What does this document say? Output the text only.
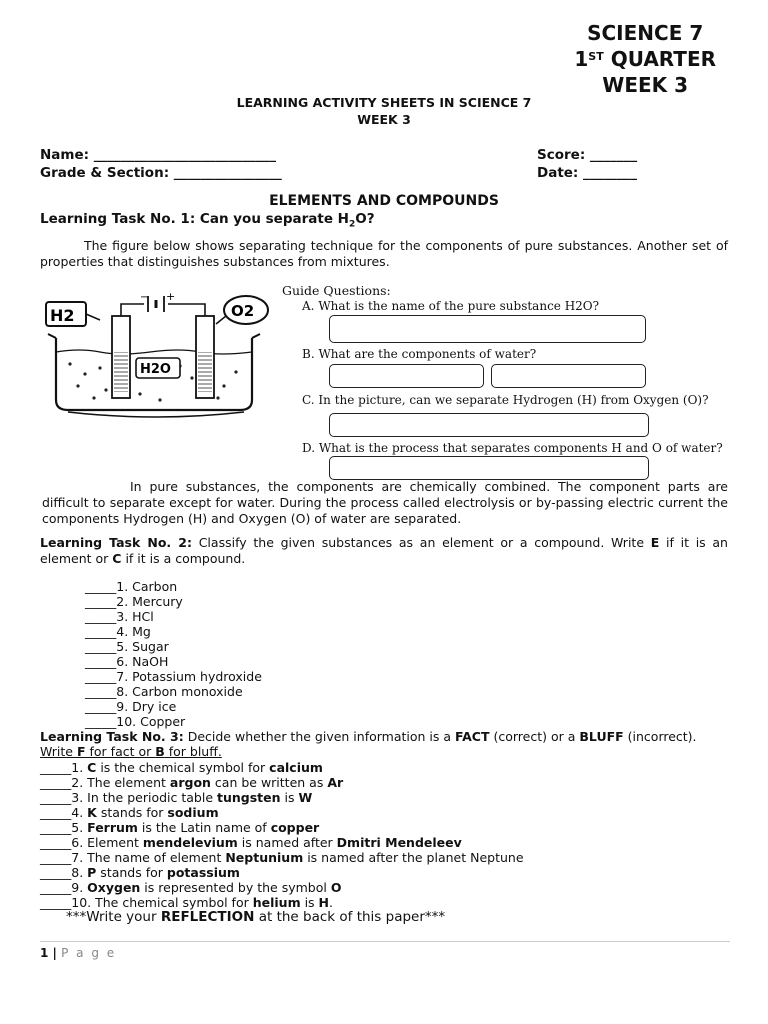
SCIENCE 7
1ST QUARTER
WEEK 3
LEARNING ACTIVITY SHEETS IN SCIENCE 7
WEEK 3
Name: ___________________________	Score: _______
Grade & Section: ________________	Date: ________
ELEMENTS AND COMPOUNDS
Learning Task No. 1: Can you separate $H_2O$?
The figure below shows separating technique for the components of pure substances. Another set of properties that distinguishes substances from mixtures.
− +
H2	O2
H2O
Guide Questions:
A. What is the name of the pure substance H2O?
B. What are the components of water?
C. In the picture, can we separate Hydrogen (H) from Oxygen (O)?
D. What is the process that separates components H and O of water?
In pure substances, the components are chemically combined. The component parts are difficult to separate except for water. During the process called electrolysis or by-passing electric current the components Hydrogen (H) and Oxygen (O) of water are separated.
Learning Task No. 2: Classify the given substances as an element or a compound. Write E if it is an element or C if it is a compound.
_____1. Carbon
_____2. Mercury
_____3. HCl
_____4. Mg
_____5. Sugar
_____6. NaOH
_____7. Potassium hydroxide
_____8. Carbon monoxide
_____9. Dry ice
_____10. Copper
Learning Task No. 3: Decide whether the given information is a FACT (correct) or a BLUFF (incorrect).
Write F for fact or B for bluff.
_____1. C is the chemical symbol for calcium
_____2. The element argon can be written as Ar
_____3. In the periodic table tungsten is W
_____4. K stands for sodium
_____5. Ferrum is the Latin name of copper
_____6. Element mendelevium is named after Dmitri Mendeleev
_____7. The name of element Neptunium is named after the planet Neptune
_____8. P stands for potassium
_____9. Oxygen is represented by the symbol O
_____10. The chemical symbol for helium is H.
***Write your REFLECTION at the back of this paper***
1 | P a g e
